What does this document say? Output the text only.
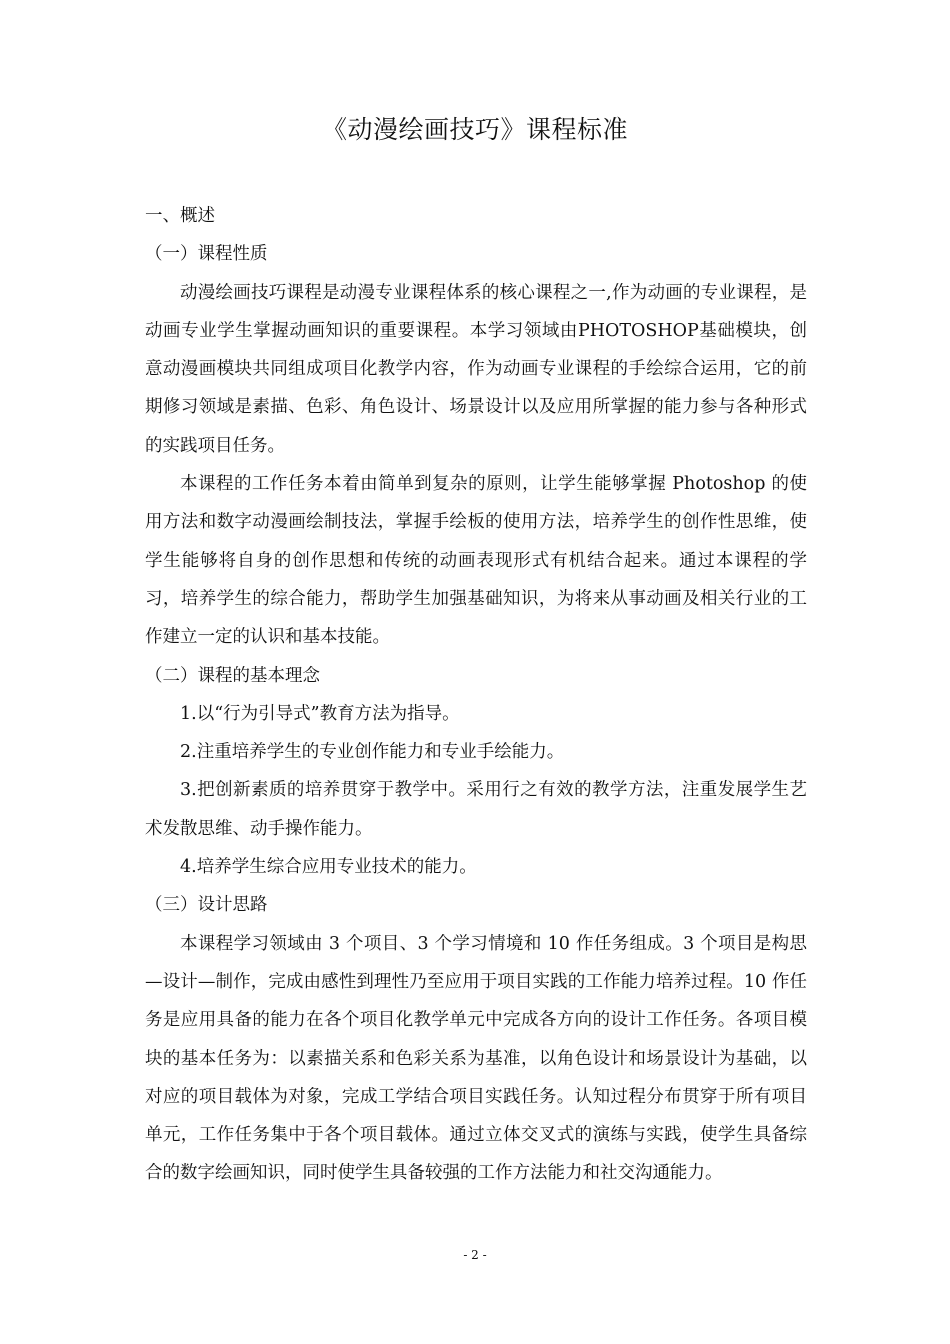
《动漫绘画技巧》课程标准

一、概述

（一）课程性质

动漫绘画技巧课程是动漫专业课程体系的核心课程之一,作为动画的专业课程，是动画专业学生掌握动画知识的重要课程。本学习领域由PHOTOSHOP基础模块，创意动漫画模块共同组成项目化教学内容，作为动画专业课程的手绘综合运用，它的前期修习领域是素描、色彩、角色设计、场景设计以及应用所掌握的能力参与各种形式的实践项目任务。

本课程的工作任务本着由简单到复杂的原则，让学生能够掌握 Photoshop 的使用方法和数字动漫画绘制技法，掌握手绘板的使用方法，培养学生的创作性思维，使学生能够将自身的创作思想和传统的动画表现形式有机结合起来。通过本课程的学习，培养学生的综合能力，帮助学生加强基础知识，为将来从事动画及相关行业的工作建立一定的认识和基本技能。

（二）课程的基本理念

1.以“行为引导式”教育方法为指导。

2.注重培养学生的专业创作能力和专业手绘能力。

3.把创新素质的培养贯穿于教学中。采用行之有效的教学方法，注重发展学生艺术发散思维、动手操作能力。

4.培养学生综合应用专业技术的能力。

（三）设计思路

本课程学习领域由 3 个项目、3 个学习情境和 10 作任务组成。3 个项目是构思—设计—制作，完成由感性到理性乃至应用于项目实践的工作能力培养过程。10 作任务是应用具备的能力在各个项目化教学单元中完成各方向的设计工作任务。各项目模块的基本任务为：以素描关系和色彩关系为基准，以角色设计和场景设计为基础，以对应的项目载体为对象，完成工学结合项目实践任务。认知过程分布贯穿于所有项目单元，工作任务集中于各个项目载体。通过立体交叉式的演练与实践，使学生具备综合的数字绘画知识，同时使学生具备较强的工作方法能力和社交沟通能力。

- 2 -
